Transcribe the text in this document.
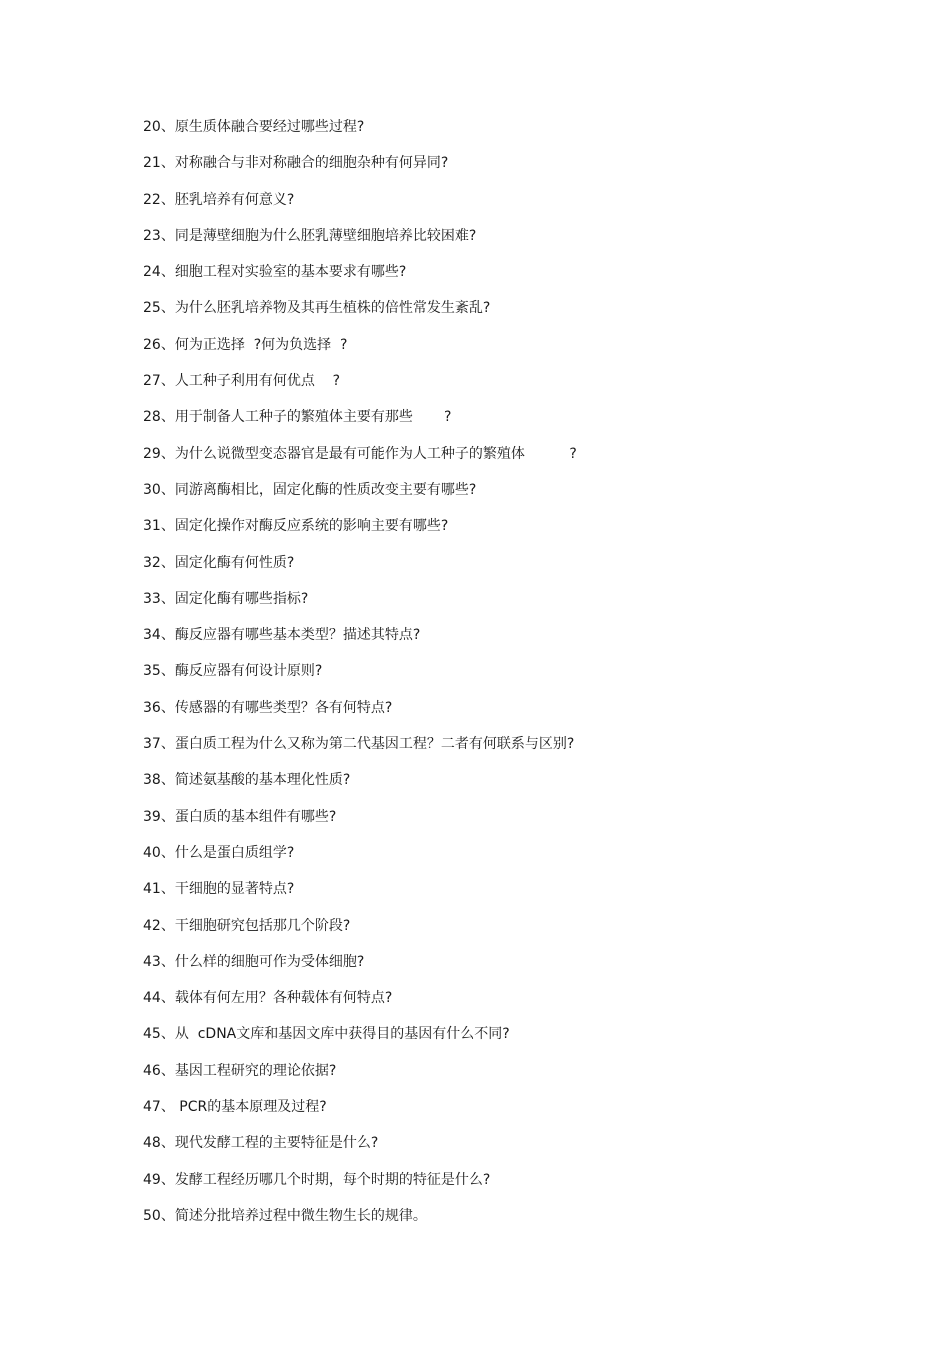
20、原生质体融合要经过哪些过程?
21、对称融合与非对称融合的细胞杂种有何异同?
22、胚乳培养有何意义?
23、同是薄壁细胞为什么胚乳薄壁细胞培养比较困难?
24、细胞工程对实验室的基本要求有哪些?
25、为什么胚乳培养物及其再生植株的倍性常发生紊乱?
26、何为正选择  ?何为负选择  ?
27、人工种子利用有何优点    ?
28、用于制备人工种子的繁殖体主要有那些       ?
29、为什么说微型变态器官是最有可能作为人工种子的繁殖体          ?
30、同游离酶相比，固定化酶的性质改变主要有哪些?
31、固定化操作对酶反应系统的影响主要有哪些?
32、固定化酶有何性质?
33、固定化酶有哪些指标?
34、酶反应器有哪些基本类型？描述其特点?
35、酶反应器有何设计原则?
36、传感器的有哪些类型？各有何特点?
37、蛋白质工程为什么又称为第二代基因工程？二者有何联系与区别?
38、简述氨基酸的基本理化性质?
39、蛋白质的基本组件有哪些?
40、什么是蛋白质组学?
41、干细胞的显著特点?
42、干细胞研究包括那几个阶段?
43、什么样的细胞可作为受体细胞?
44、载体有何左用？各种载体有何特点?
45、从  cDNA文库和基因文库中获得目的基因有什么不同?
46、基因工程研究的理论依据?
47、 PCR的基本原理及过程?
48、现代发酵工程的主要特征是什么?
49、发酵工程经历哪几个时期，每个时期的特征是什么?
50、简述分批培养过程中微生物生长的规律。
